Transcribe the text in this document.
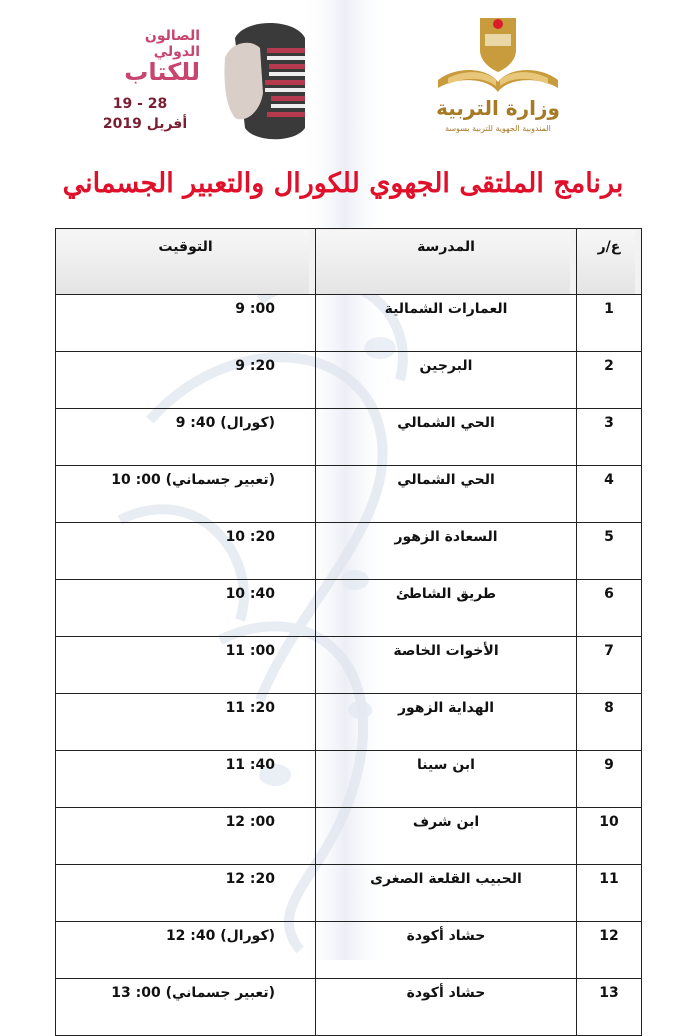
الصالون الدولي
للكتاب
19 - 28
أفريل 2019
وزارة التربية
المندوبية الجهوية للتربية بسوسة
برنامج الملتقى الجهوي للكورال والتعبير الجسماني
ع/ر	المدرسة	التوقيت
1	العمارات الشمالية	9 :00
2	البرجين	9 :20
3	الحي الشمالي	9 :40 (كورال)
4	الحي الشمالي	10 :00 (تعبير جسماني)
5	السعادة الزهور	10 :20
6	طريق الشاطئ	10 :40
7	الأخوات الخاصة	11 :00
8	الهداية الزهور	11 :20
9	ابن سينا	11 :40
10	ابن شرف	12 :00
11	الحبيب القلعة الصغرى	12 :20
12	حشاد أكودة	12 :40 (كورال)
13	حشاد أكودة	13 :00 (تعبير جسماني)
